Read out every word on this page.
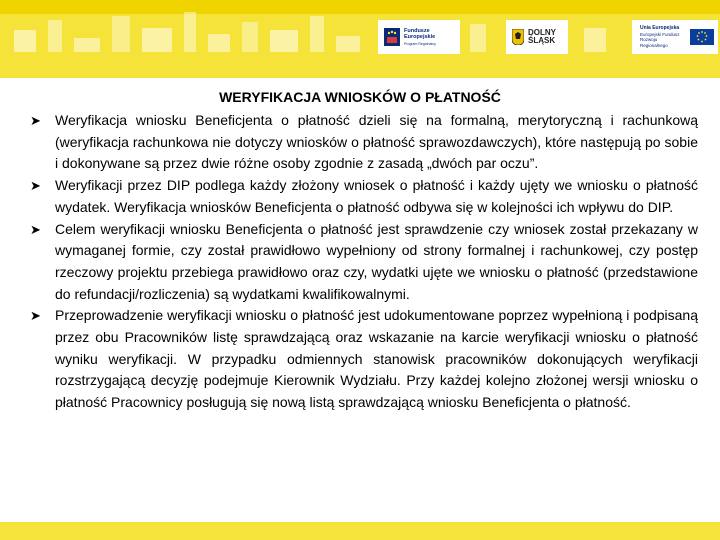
Fundusze
Europejskie
Program Regionalny
DOLNY
ŚLĄSK
Unia Europejska
Europejski Fundusz Rozwoju Regionalnego
WERYFIKACJA WNIOSKÓW O PŁATNOŚĆ

➤	Weryfikacja wniosku Beneficjenta o płatność dzieli się na formalną, merytoryczną i rachunkową (weryfikacja rachunkowa nie dotyczy wniosków o płatność sprawozdawczych), które następują po sobie i dokonywane są przez dwie różne osoby zgodnie z zasadą „dwóch par oczu”.

➤	Weryfikacji przez DIP podlega każdy złożony wniosek o płatność i każdy ujęty we wniosku o płatność wydatek. Weryfikacja wniosków Beneficjenta o płatność odbywa się w kolejności ich wpływu do DIP.

➤	Celem weryfikacji wniosku Beneficjenta o płatność jest sprawdzenie czy wniosek został przekazany w wymaganej formie, czy został prawidłowo wypełniony od strony formalnej i rachunkowej, czy postęp rzeczowy projektu przebiega prawidłowo oraz czy, wydatki ujęte we wniosku o płatność (przedstawione do refundacji/rozliczenia) są wydatkami kwalifikowalnymi.

➤	Przeprowadzenie weryfikacji wniosku o płatność jest udokumentowane poprzez wypełnioną i podpisaną przez obu Pracowników listę sprawdzającą oraz wskazanie na karcie weryfikacji wniosku o płatność wyniku weryfikacji. W przypadku odmiennych stanowisk pracowników dokonujących weryfikacji rozstrzygającą decyzję podejmuje Kierownik Wydziału. Przy każdej kolejno złożonej wersji wniosku o płatność Pracownicy posługują się nową listą sprawdzającą wniosku Beneficjenta o płatność.
